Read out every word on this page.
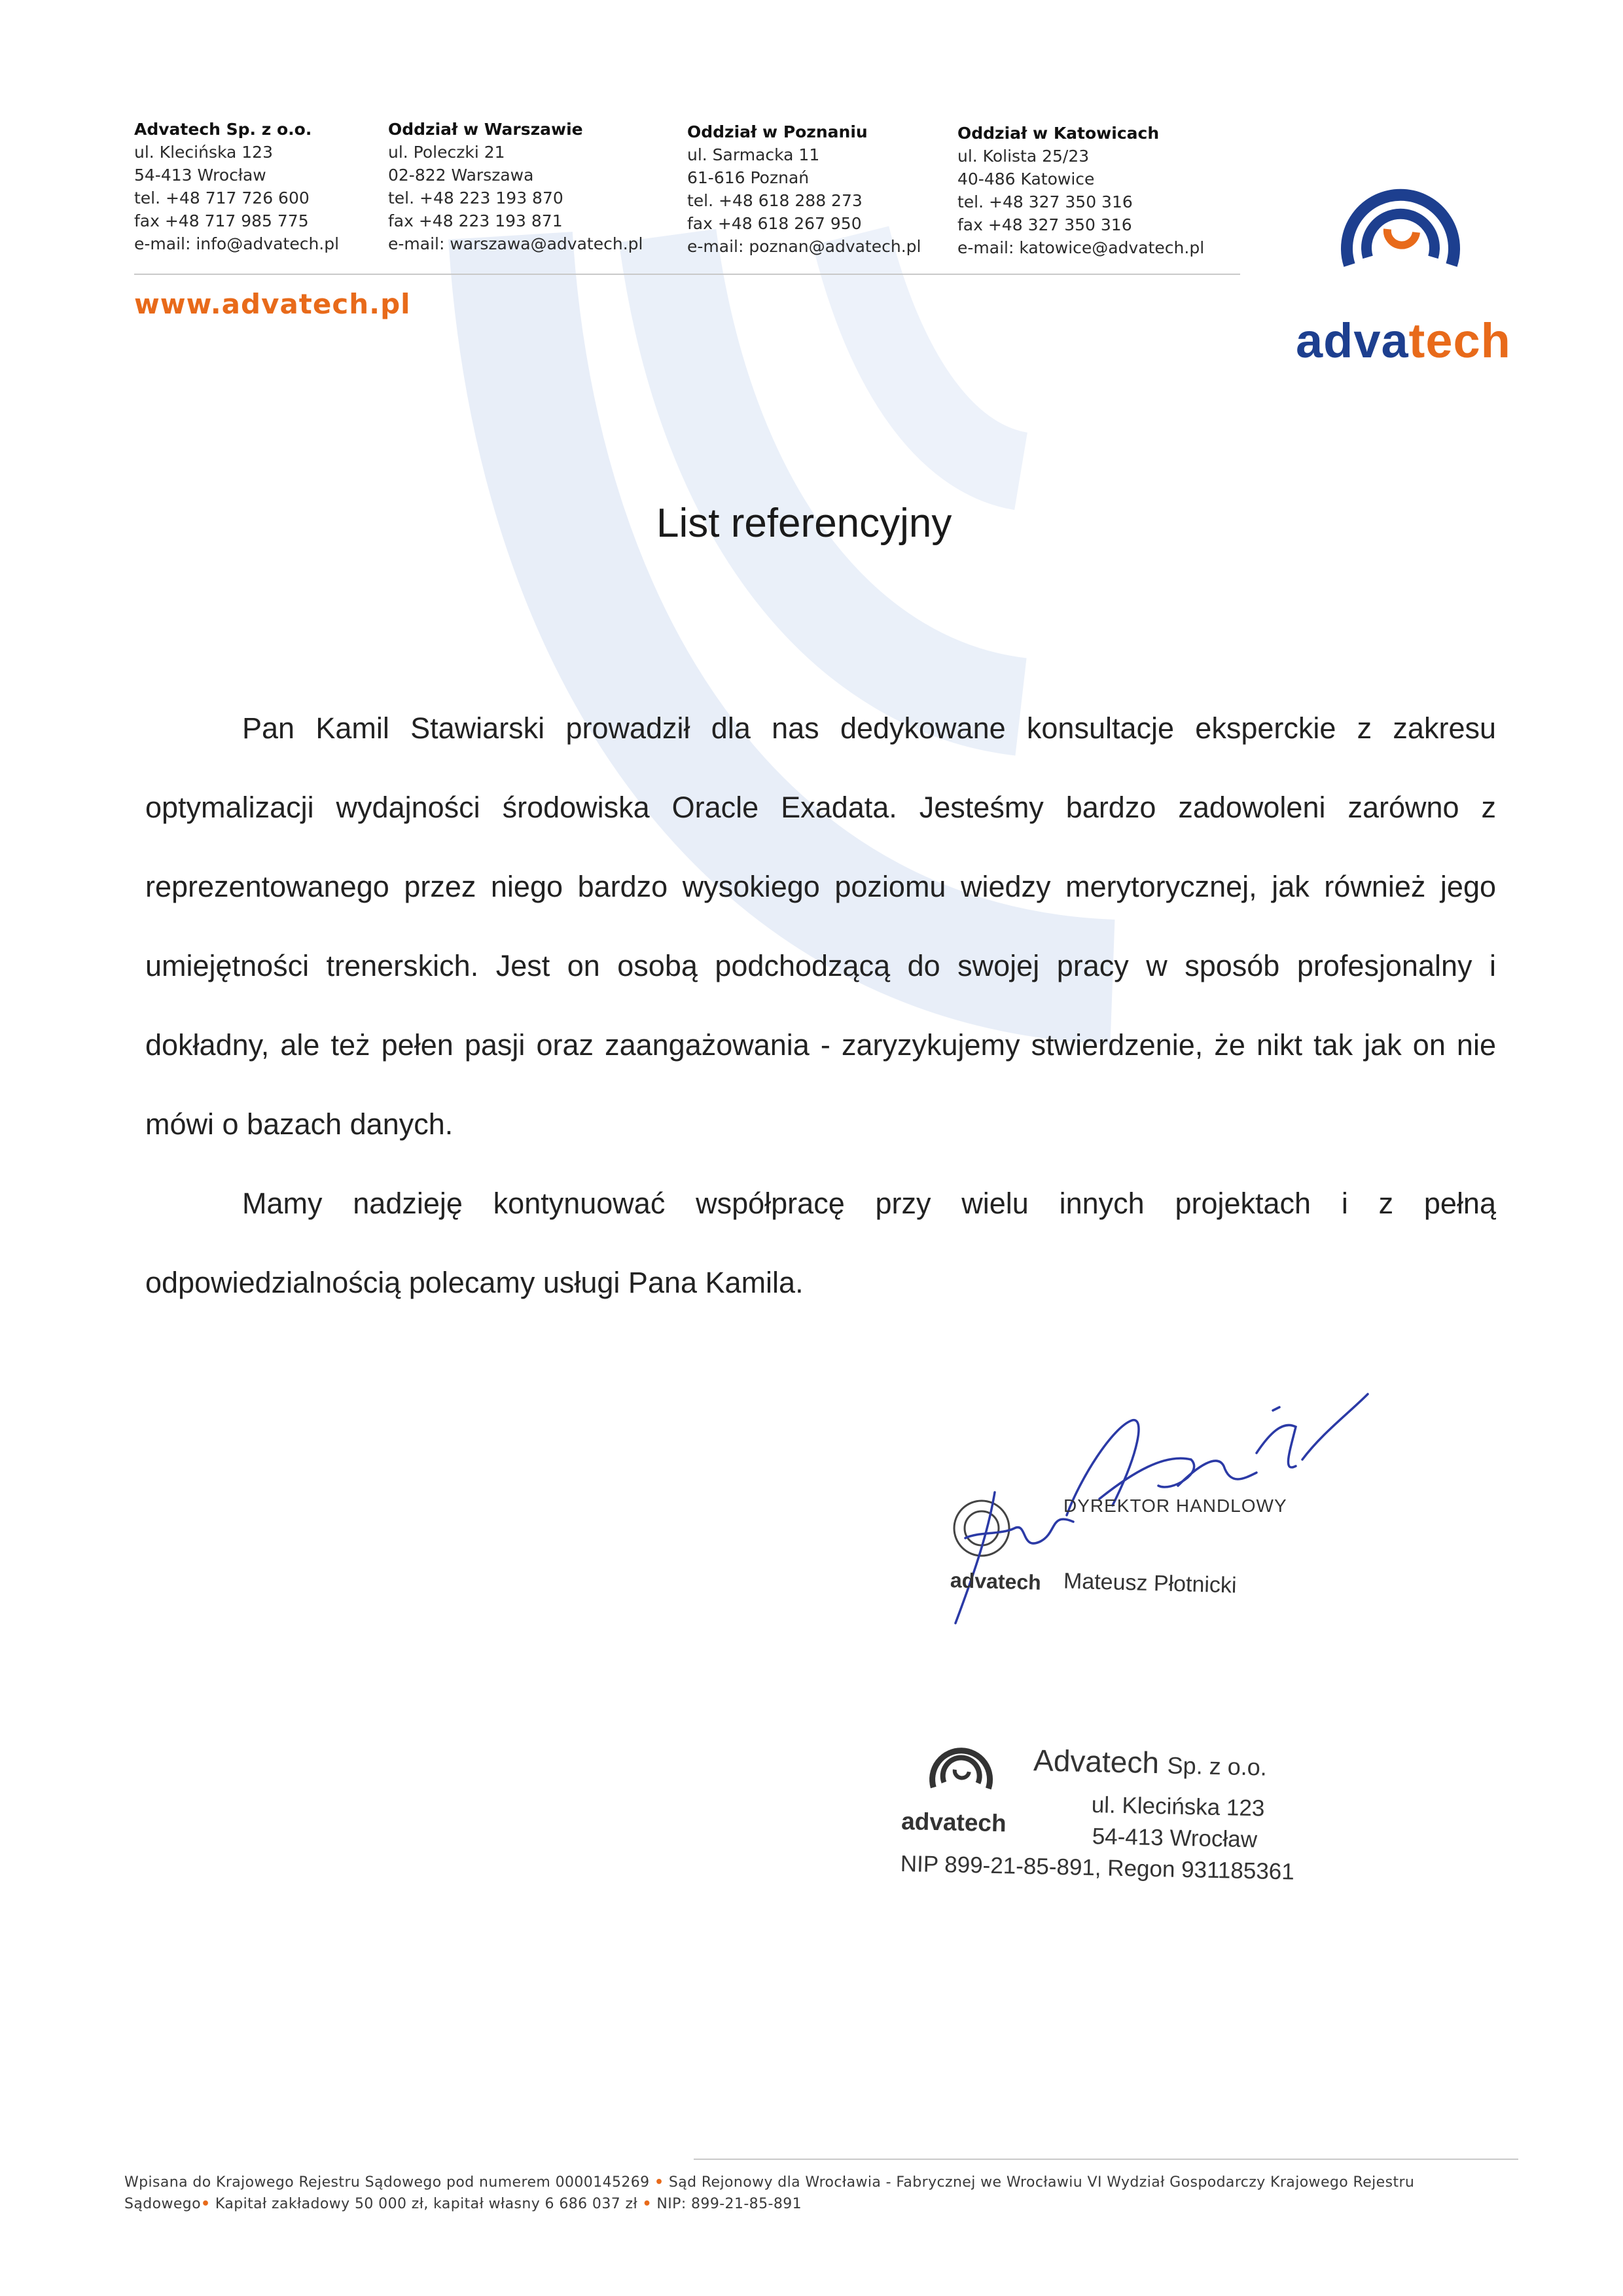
Advatech Sp. z o.o.
ul. Klecińska 123
54-413 Wrocław
tel. +48 717 726 600
fax +48 717 985 775
e-mail: info@advatech.pl
Oddział w Warszawie
ul. Poleczki 21
02-822 Warszawa
tel. +48 223 193 870
fax +48 223 193 871
e-mail: warszawa@advatech.pl
Oddział w Poznaniu
ul. Sarmacka 11
61-616 Poznań
tel. +48 618 288 273
fax +48 618 267 950
e-mail: poznan@advatech.pl
Oddział w Katowicach
ul. Kolista 25/23
40-486 Katowice
tel. +48 327 350 316
fax +48 327 350 316
e-mail: katowice@advatech.pl
www.advatech.pl
advatech
List referencyjny

Pan Kamil Stawiarski prowadził dla nas dedykowane konsultacje eksperckie z zakresu optymalizacji wydajności środowiska Oracle Exadata. Jesteśmy bardzo zadowoleni zarówno z reprezentowanego przez niego bardzo wysokiego poziomu wiedzy merytorycznej, jak również jego umiejętności trenerskich. Jest on osobą podchodzącą do swojej pracy w sposób profesjonalny i dokładny, ale też pełen pasji oraz zaangażowania - zaryzykujemy stwierdzenie, że nikt tak jak on nie mówi o bazach danych.

Mamy nadzieję kontynuować współpracę przy wielu innych projektach i z pełną odpowiedzialnością polecamy usługi Pana Kamila.

DYREKTOR HANDLOWY
advatech Mateusz Płotnicki
advatech
Advatech Sp. z o.o.
ul. Klecińska 123
54-413 Wrocław
NIP 899-21-85-891, Regon 931185361
Wpisana do Krajowego Rejestru Sądowego pod numerem 0000145269 • Sąd Rejonowy dla Wrocławia - Fabrycznej we Wrocławiu VI Wydział Gospodarczy Krajowego Rejestru
Sądowego• Kapitał zakładowy 50 000 zł, kapitał własny 6 686 037 zł • NIP: 899-21-85-891
